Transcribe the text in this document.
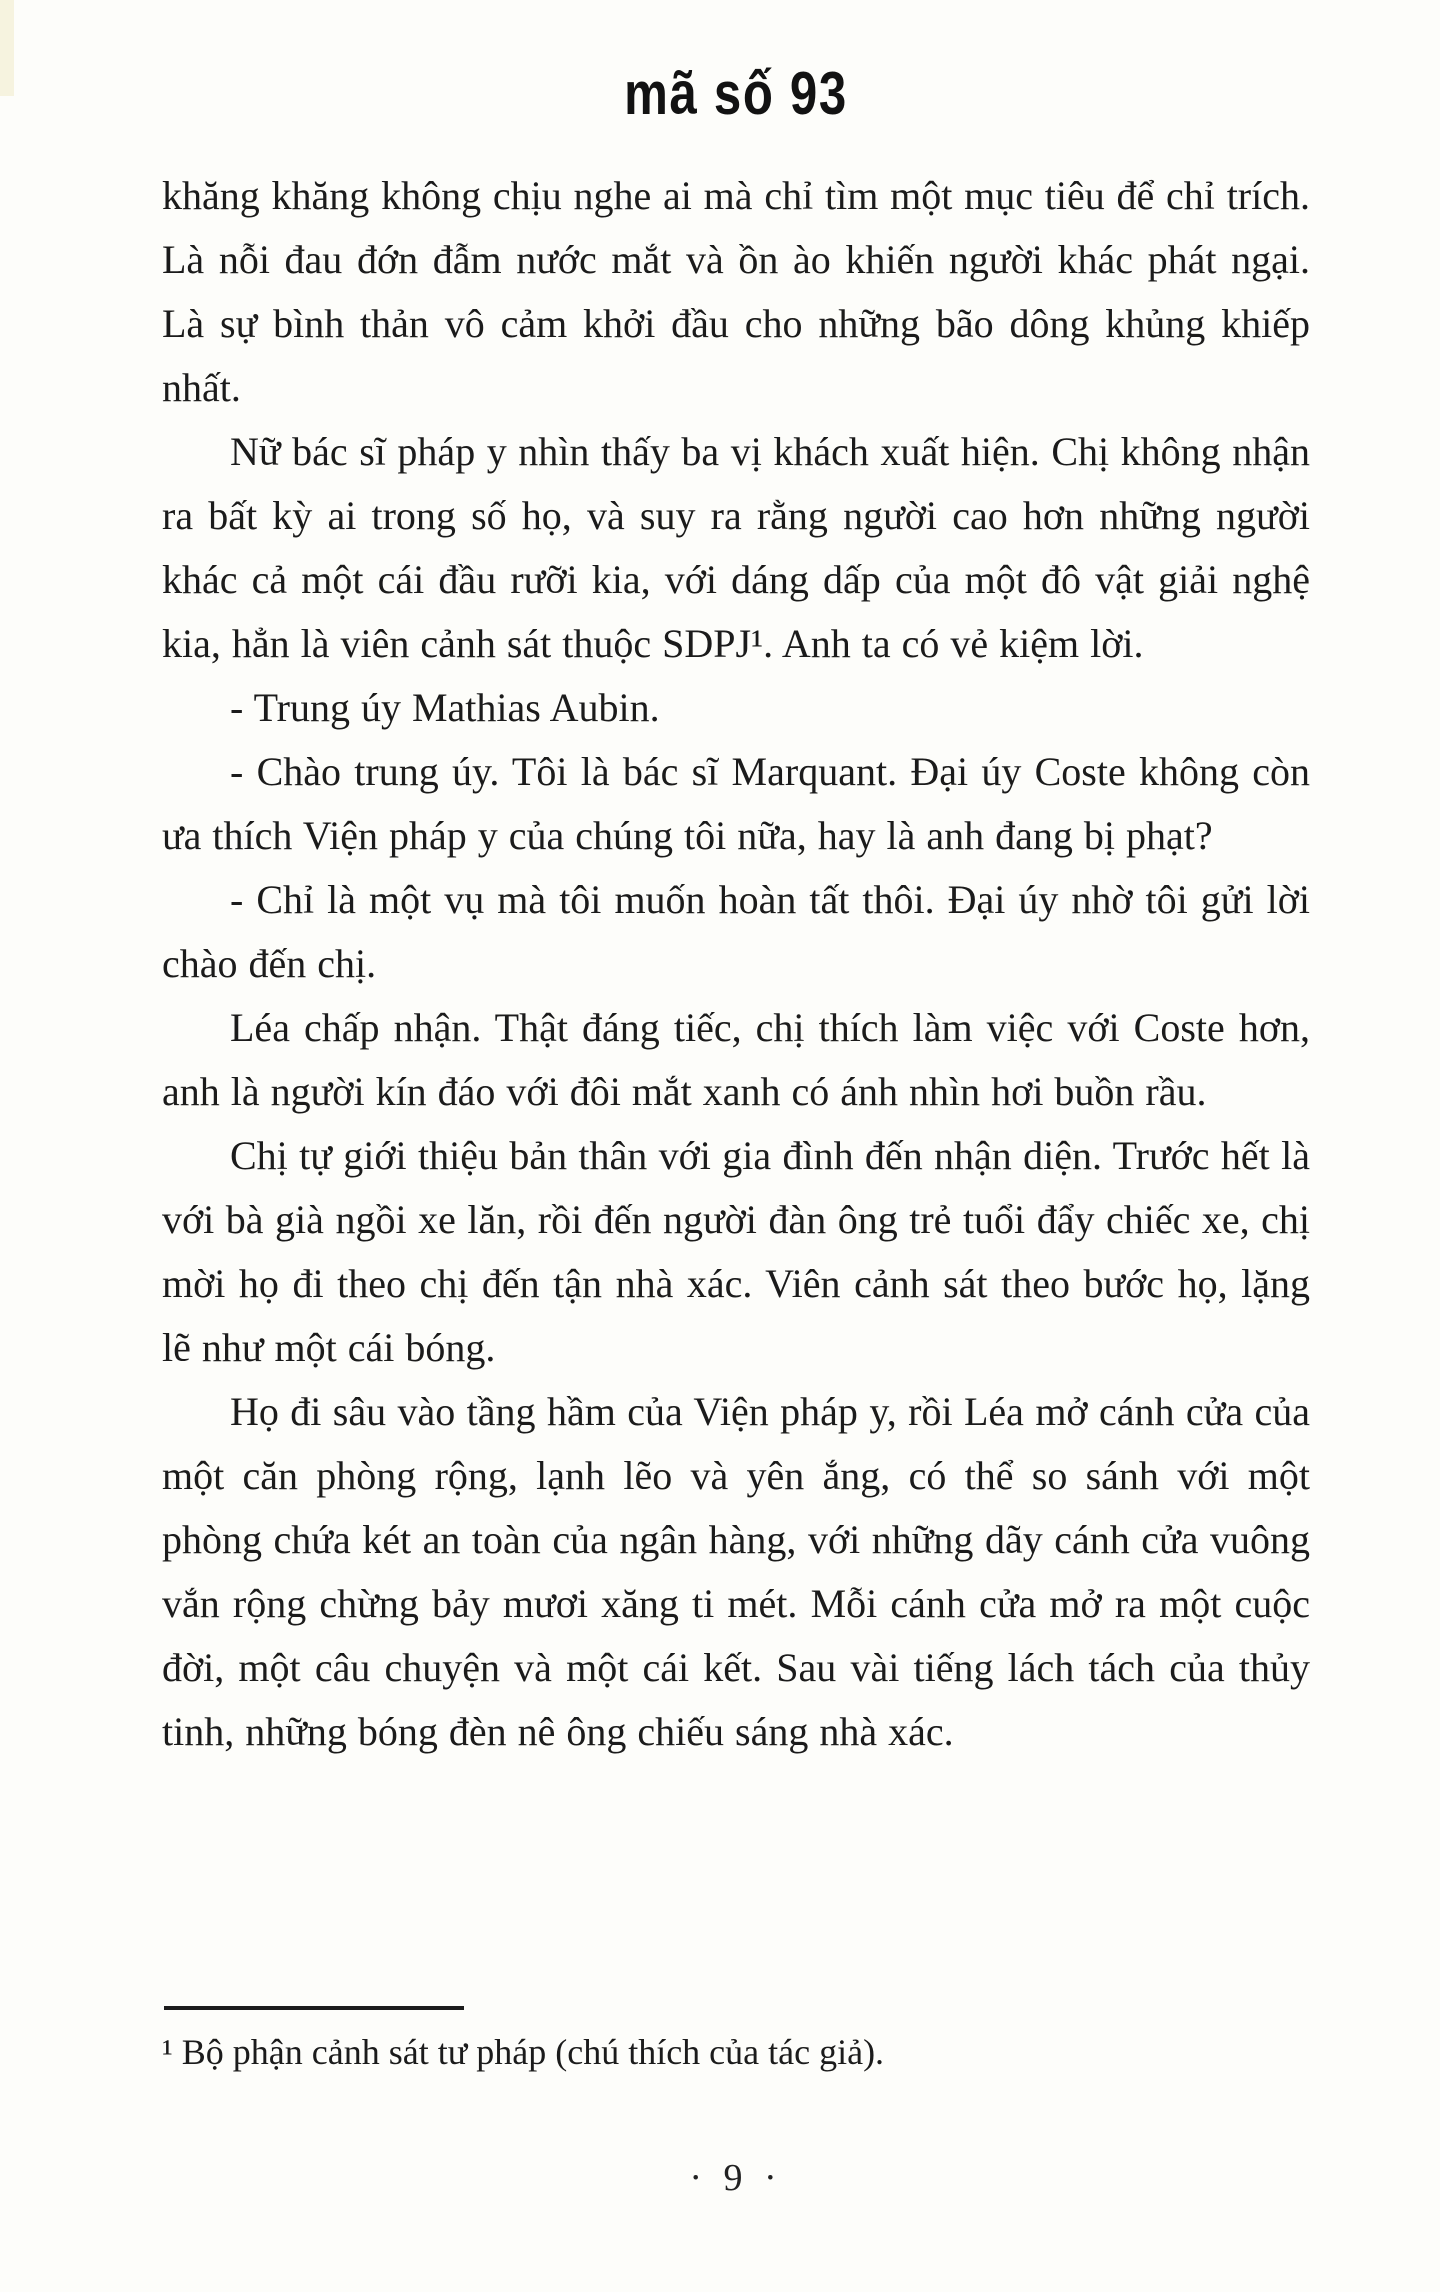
mã số 93

khăng khăng không chịu nghe ai mà chỉ tìm một mục tiêu để chỉ trích. Là nỗi đau đớn đẫm nước mắt và ồn ào khiến người khác phát ngại. Là sự bình thản vô cảm khởi đầu cho những bão dông khủng khiếp nhất.

Nữ bác sĩ pháp y nhìn thấy ba vị khách xuất hiện. Chị không nhận ra bất kỳ ai trong số họ, và suy ra rằng người cao hơn những người khác cả một cái đầu rưỡi kia, với dáng dấp của một đô vật giải nghệ kia, hẳn là viên cảnh sát thuộc SDPJ¹. Anh ta có vẻ kiệm lời.

- Trung úy Mathias Aubin.

- Chào trung úy. Tôi là bác sĩ Marquant. Đại úy Coste không còn ưa thích Viện pháp y của chúng tôi nữa, hay là anh đang bị phạt?

- Chỉ là một vụ mà tôi muốn hoàn tất thôi. Đại úy nhờ tôi gửi lời chào đến chị.

Léa chấp nhận. Thật đáng tiếc, chị thích làm việc với Coste hơn, anh là người kín đáo với đôi mắt xanh có ánh nhìn hơi buồn rầu.

Chị tự giới thiệu bản thân với gia đình đến nhận diện. Trước hết là với bà già ngồi xe lăn, rồi đến người đàn ông trẻ tuổi đẩy chiếc xe, chị mời họ đi theo chị đến tận nhà xác. Viên cảnh sát theo bước họ, lặng lẽ như một cái bóng.

Họ đi sâu vào tầng hầm của Viện pháp y, rồi Léa mở cánh cửa của một căn phòng rộng, lạnh lẽo và yên ắng, có thể so sánh với một phòng chứa két an toàn của ngân hàng, với những dãy cánh cửa vuông vắn rộng chừng bảy mươi xăng ti mét. Mỗi cánh cửa mở ra một cuộc đời, một câu chuyện và một cái kết. Sau vài tiếng lách tách của thủy tinh, những bóng đèn nê ông chiếu sáng nhà xác.

¹ Bộ phận cảnh sát tư pháp (chú thích của tác giả).

· 9 ·
